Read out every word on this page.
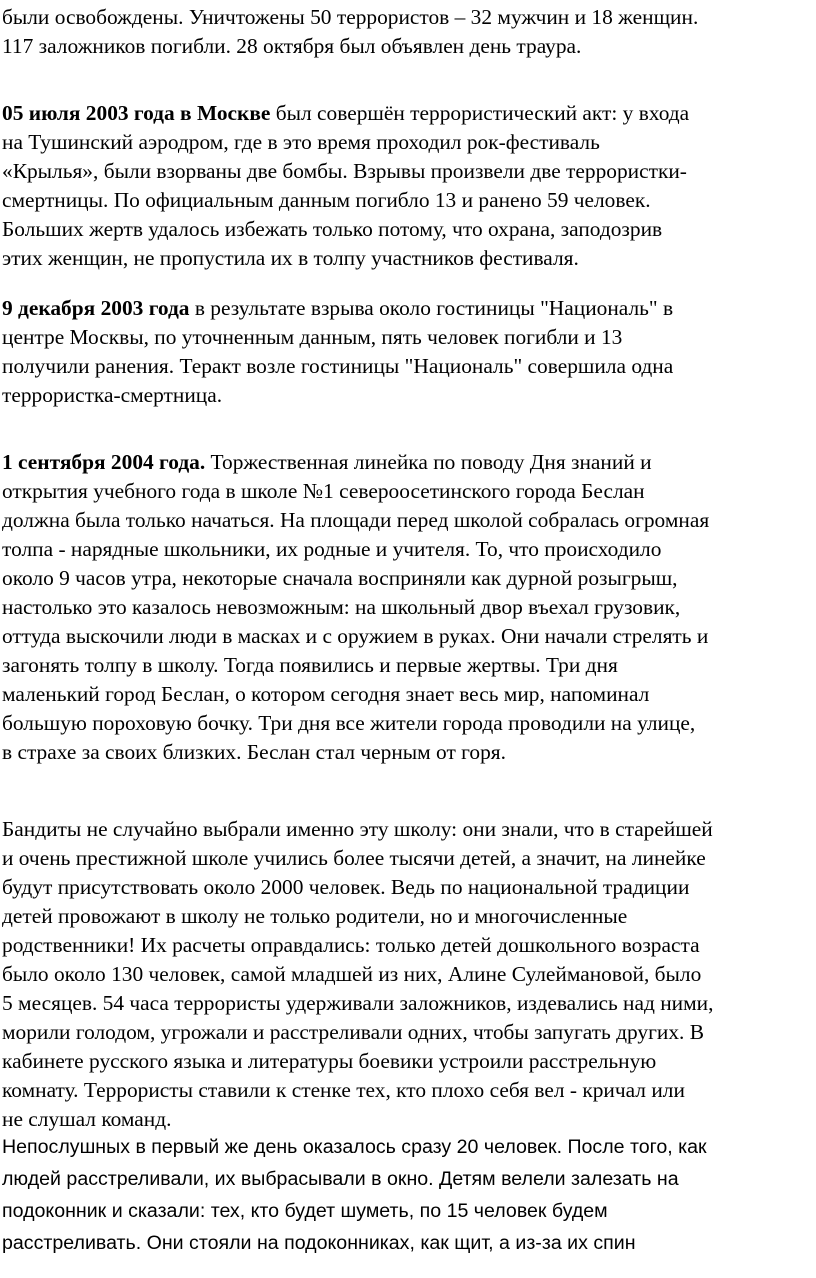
были освобождены. Уничтожены 50 террористов – 32 мужчин и 18 женщин.
117 заложников погибли. 28 октября был объявлен день траура.
05 июля 2003 года в Москве был совершён террористический акт: у входа
на Тушинский аэродром, где в это время проходил рок-фестиваль
«Крылья», были взорваны две бомбы. Взрывы произвели две террористки-
смертницы. По официальным данным погибло 13 и ранено 59 человек.
Больших жертв удалось избежать только потому, что охрана, заподозрив
этих женщин, не пропустила их в толпу участников фестиваля.
9 декабря 2003 года в результате взрыва около гостиницы "Националь" в
центре Москвы, по уточненным данным, пять человек погибли и 13
получили ранения. Теракт возле гостиницы "Националь" совершила одна
террористка-смертница.
1 сентября 2004 года. Торжественная линейка по поводу Дня знаний и
открытия учебного года в школе №1 североосетинского города Беслан
должна была только начаться. На площади перед школой собралась огромная
толпа - нарядные школьники, их родные и учителя. То, что происходило
около 9 часов утра, некоторые сначала восприняли как дурной розыгрыш,
настолько это казалось невозможным: на школьный двор въехал грузовик,
оттуда выскочили люди в масках и с оружием в руках. Они начали стрелять и
загонять толпу в школу. Тогда появились и первые жертвы. Три дня
маленький город Беслан, о котором сегодня знает весь мир, напоминал
большую пороховую бочку. Три дня все жители города проводили на улице,
в страхе за своих близких. Беслан стал черным от горя.
Бандиты не случайно выбрали именно эту школу: они знали, что в старейшей
и очень престижной школе учились более тысячи детей, а значит, на линейке
будут присутствовать около 2000 человек. Ведь по национальной традиции
детей провожают в школу не только родители, но и многочисленные
родственники! Их расчеты оправдались: только детей дошкольного возраста
было около 130 человек, самой младшей из них, Алине Сулеймановой, было
5 месяцев. 54 часа террористы удерживали заложников, издевались над ними,
морили голодом, угрожали и расстреливали одних, чтобы запугать других. В
кабинете русского языка и литературы боевики устроили расстрельную
комнату. Террористы ставили к стенке тех, кто плохо себя вел - кричал или
не слушал команд.
Непослушных в первый же день оказалось сразу 20 человек. После того, как
людей расстреливали, их выбрасывали в окно. Детям велели залезать на
подоконник и сказали: тех, кто будет шуметь, по 15 человек будем
расстреливать. Они стояли на подоконниках, как щит, а из-за их спин
